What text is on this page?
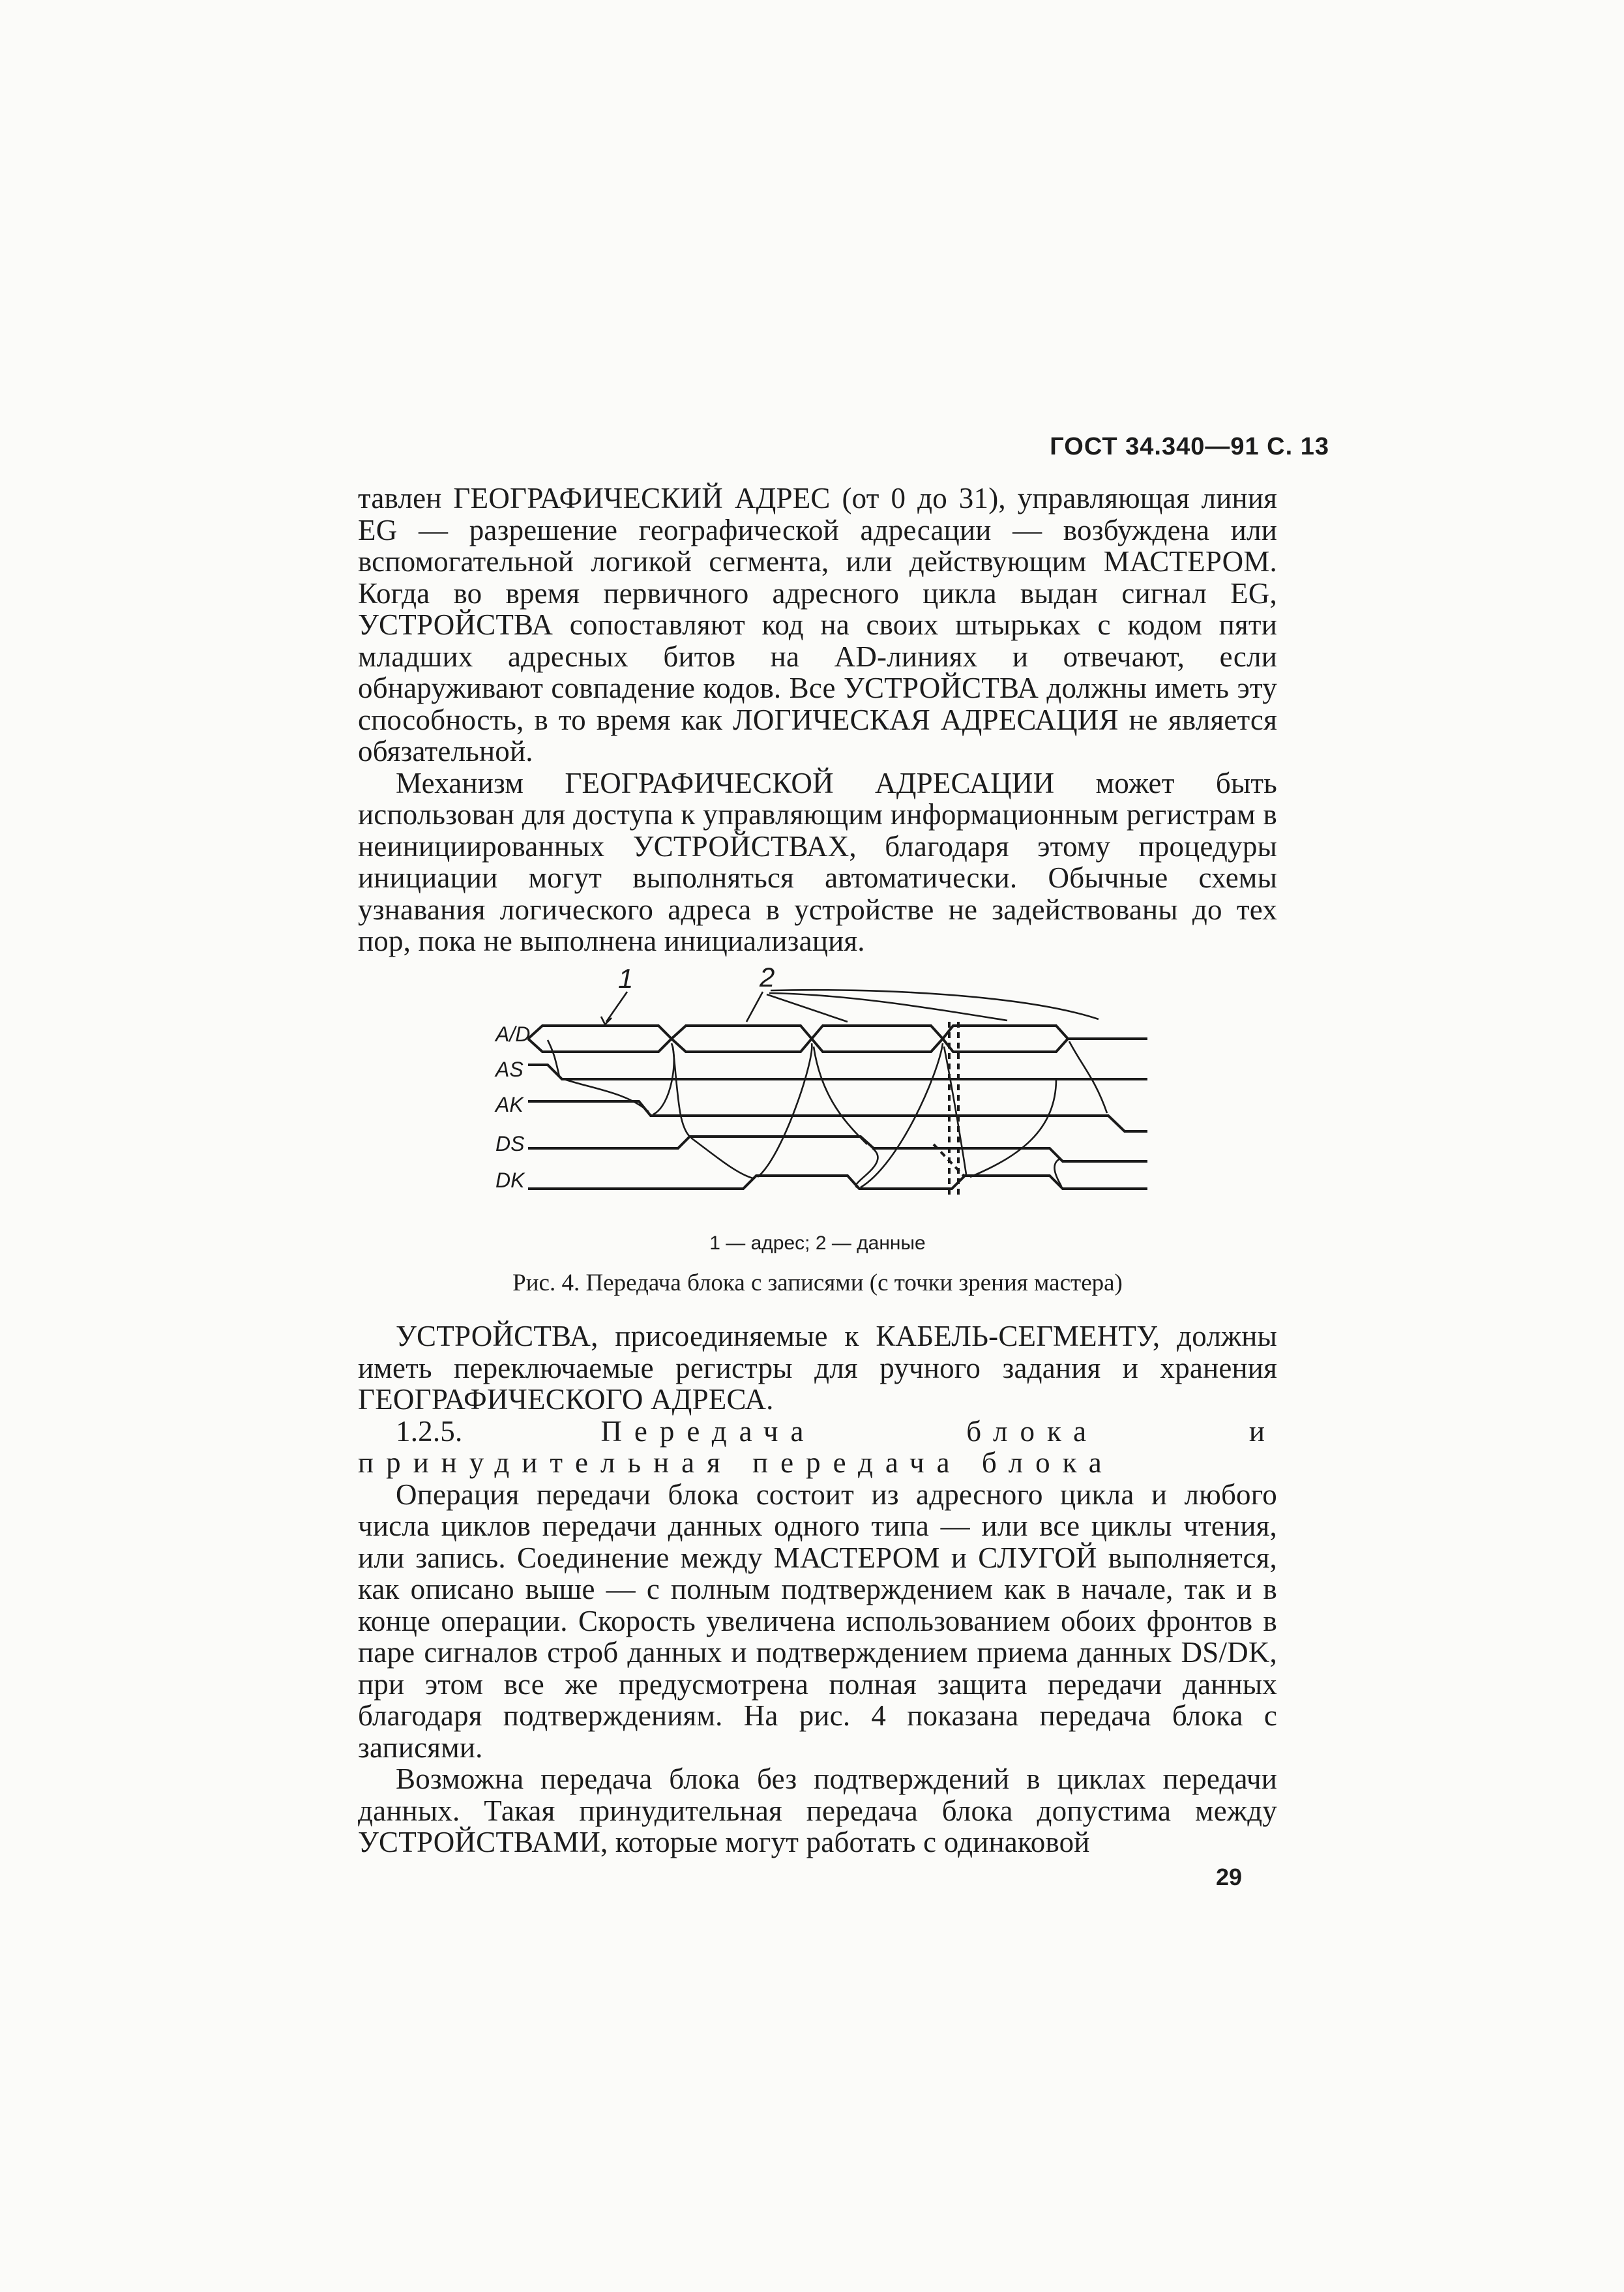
ГОСТ 34.340—91 С. 13

тавлен ГЕОГРАФИЧЕСКИЙ АДРЕС (от 0 до 31), управляющая линия EG — разрешение географической адресации — возбуждена или вспомогательной логикой сегмента, или действующим МАСТЕРОМ. Когда во время первичного адресного цикла выдан сигнал EG, УСТРОЙСТВА сопоставляют код на своих штырьках с кодом пяти младших адресных битов на AD-линиях и отвечают, если обнаруживают совпадение кодов. Все УСТРОЙСТВА должны иметь эту способность, в то время как ЛОГИЧЕСКАЯ АДРЕСАЦИЯ не является обязательной.

Механизм ГЕОГРАФИЧЕСКОЙ АДРЕСАЦИИ может быть использован для доступа к управляющим информационным регистрам в неинициированных УСТРОЙСТВАХ, благодаря этому процедуры инициации могут выполняться автоматически. Обычные схемы узнавания логического адреса в устройстве не задействованы до тех пор, пока не выполнена инициализация.

1	2
A/D
AS
AK
DS
DK
1 — адрес; 2 — данные
Рис. 4. Передача блока с записями (с точки зрения мастера)

УСТРОЙСТВА, присоединяемые к КАБЕЛЬ-СЕГМЕНТУ, должны иметь переключаемые регистры для ручного задания и хранения ГЕОГРАФИЧЕСКОГО АДРЕСА.

1.2.5.	Передача блока и принудительная передача блока

Операция передачи блока состоит из адресного цикла и любого числа циклов передачи данных одного типа — или все циклы чтения, или запись. Соединение между МАСТЕРОМ и СЛУГОЙ выполняется, как описано выше — с полным подтверждением как в начале, так и в конце операции. Скорость увеличена использованием обоих фронтов в паре сигналов строб данных и подтверждением приема данных DS/DK, при этом все же предусмотрена полная защита передачи данных благодаря подтверждениям. На рис. 4 показана передача блока с записями.

Возможна передача блока без подтверждений в циклах передачи данных. Такая принудительная передача блока допустима между УСТРОЙСТВАМИ, которые могут работать с одинаковой

29
